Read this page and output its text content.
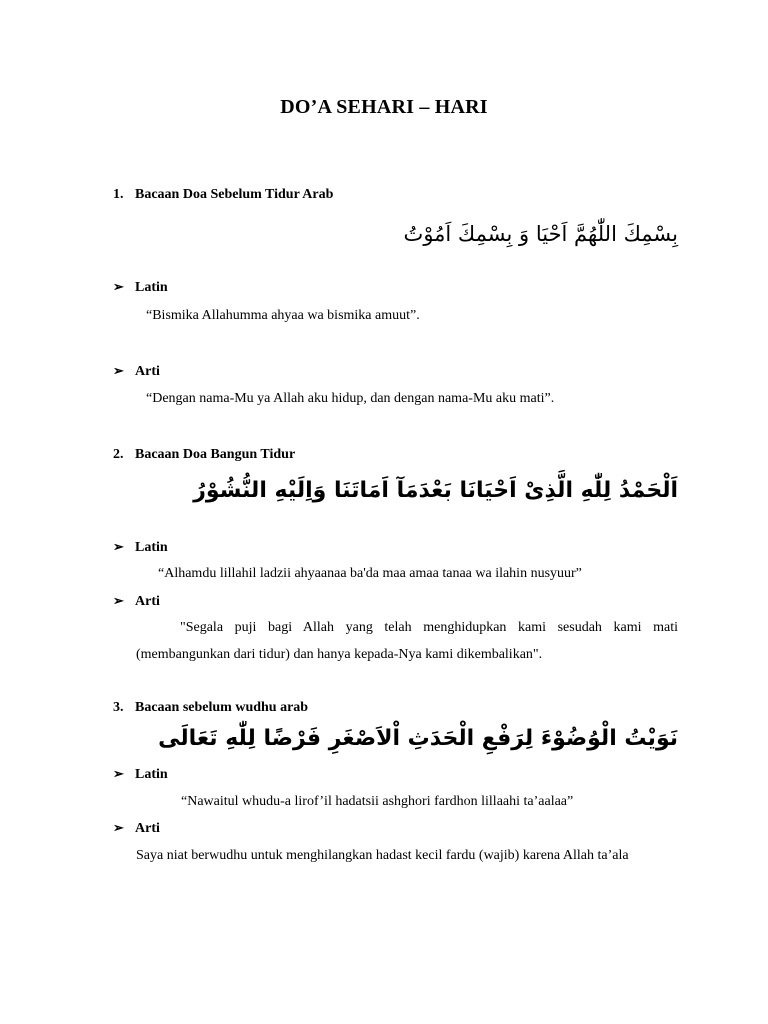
DO’A SEHARI – HARI
1. Bacaan Doa Sebelum Tidur Arab
بِسْمِكَ اللّٰهُمَّ اَحْيَا وَ بِسْمِكَ اَمُوْتُ
➢ Latin
“Bismika Allahumma ahyaa wa bismika amuut”.
➢ Arti
“Dengan nama-Mu ya Allah aku hidup, dan dengan nama-Mu aku mati”.
2. Bacaan Doa Bangun Tidur
اَلْحَمْدُ لِلّٰهِ الَّذِىْ اَحْيَانَا بَعْدَمَآ اَمَاتَنَا وَاِلَيْهِ النُّشُوْرُ
➢ Latin
“Alhamdu lillahil ladzii ahyaanaa ba'da maa amaa tanaa wa ilahin nusyuur”
➢ Arti
"Segala puji bagi Allah yang telah menghidupkan kami sesudah kami mati (membangunkan dari tidur) dan hanya kepada-Nya kami dikembalikan".
3. Bacaan sebelum wudhu arab
نَوَيْتُ الْوُضُوْءَ لِرَفْعِ الْحَدَثِ اْلاَصْغَرِ فَرْضًا لِلّٰهِ تَعَالَى
➢ Latin
“Nawaitul whudu-a lirof’il hadatsii ashghori fardhon lillaahi ta’aalaa”
➢ Arti
Saya niat berwudhu untuk menghilangkan hadast kecil fardu (wajib) karena Allah ta’ala
